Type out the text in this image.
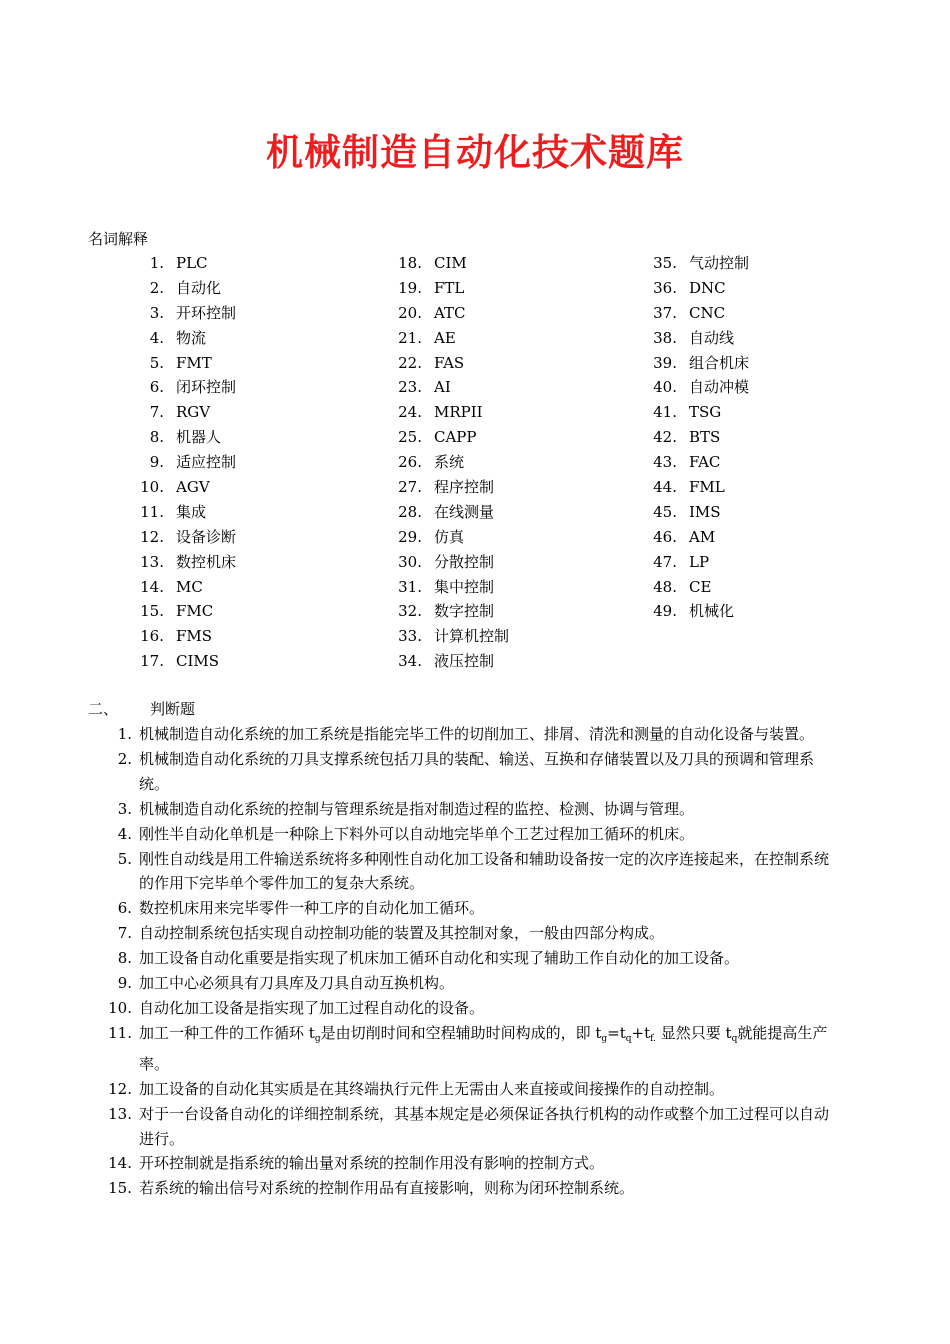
机械制造自动化技术题库
名词解释
1. PLC
2. 自动化
3. 开环控制
4. 物流
5. FMT
6. 闭环控制
7. RGV
8. 机器人
9. 适应控制
10. AGV
11. 集成
12. 设备诊断
13. 数控机床
14. MC
15. FMC
16. FMS
17. CIMS
18. CIM
19. FTL
20. ATC
21. AE
22. FAS
23. AI
24. MRPII
25. CAPP
26. 系统
27. 程序控制
28. 在线测量
29. 仿真
30. 分散控制
31. 集中控制
32. 数字控制
33. 计算机控制
34. 液压控制
35. 气动控制
36. DNC
37. CNC
38. 自动线
39. 组合机床
40. 自动冲模
41. TSG
42. BTS
43. FAC
44. FML
45. IMS
46. AM
47. LP
48. CE
49. 机械化
二、 判断题
1. 机械制造自动化系统的加工系统是指能完毕工件的切削加工、排屑、清洗和测量的自动化设备与装置。
2. 机械制造自动化系统的刀具支撑系统包括刀具的装配、输送、互换和存储装置以及刀具的预调和管理系统。
3. 机械制造自动化系统的控制与管理系统是指对制造过程的监控、检测、协调与管理。
4. 刚性半自动化单机是一种除上下料外可以自动地完毕单个工艺过程加工循环的机床。
5. 刚性自动线是用工件输送系统将多种刚性自动化加工设备和辅助设备按一定的次序连接起来，在控制系统的作用下完毕单个零件加工的复杂大系统。
6. 数控机床用来完毕零件一种工序的自动化加工循环。
7. 自动控制系统包括实现自动控制功能的装置及其控制对象，一般由四部分构成。
8. 加工设备自动化重要是指实现了机床加工循环自动化和实现了辅助工作自动化的加工设备。
9. 加工中心必须具有刀具库及刀具自动互换机构。
10. 自动化加工设备是指实现了加工过程自动化的设备。
11. 加工一种工件的工作循环 $t_g$是由切削时间和空程辅助时间构成的，即 $t_g=t_q+t_{f.}$ 显然只要 $t_q$就能提高生产率。
12. 加工设备的自动化其实质是在其终端执行元件上无需由人来直接或间接操作的自动控制。
13. 对于一台设备自动化的详细控制系统，其基本规定是必须保证各执行机构的动作或整个加工过程可以自动进行。
14. 开环控制就是指系统的输出量对系统的控制作用没有影响的控制方式。
15. 若系统的输出信号对系统的控制作用品有直接影响，则称为闭环控制系统。
